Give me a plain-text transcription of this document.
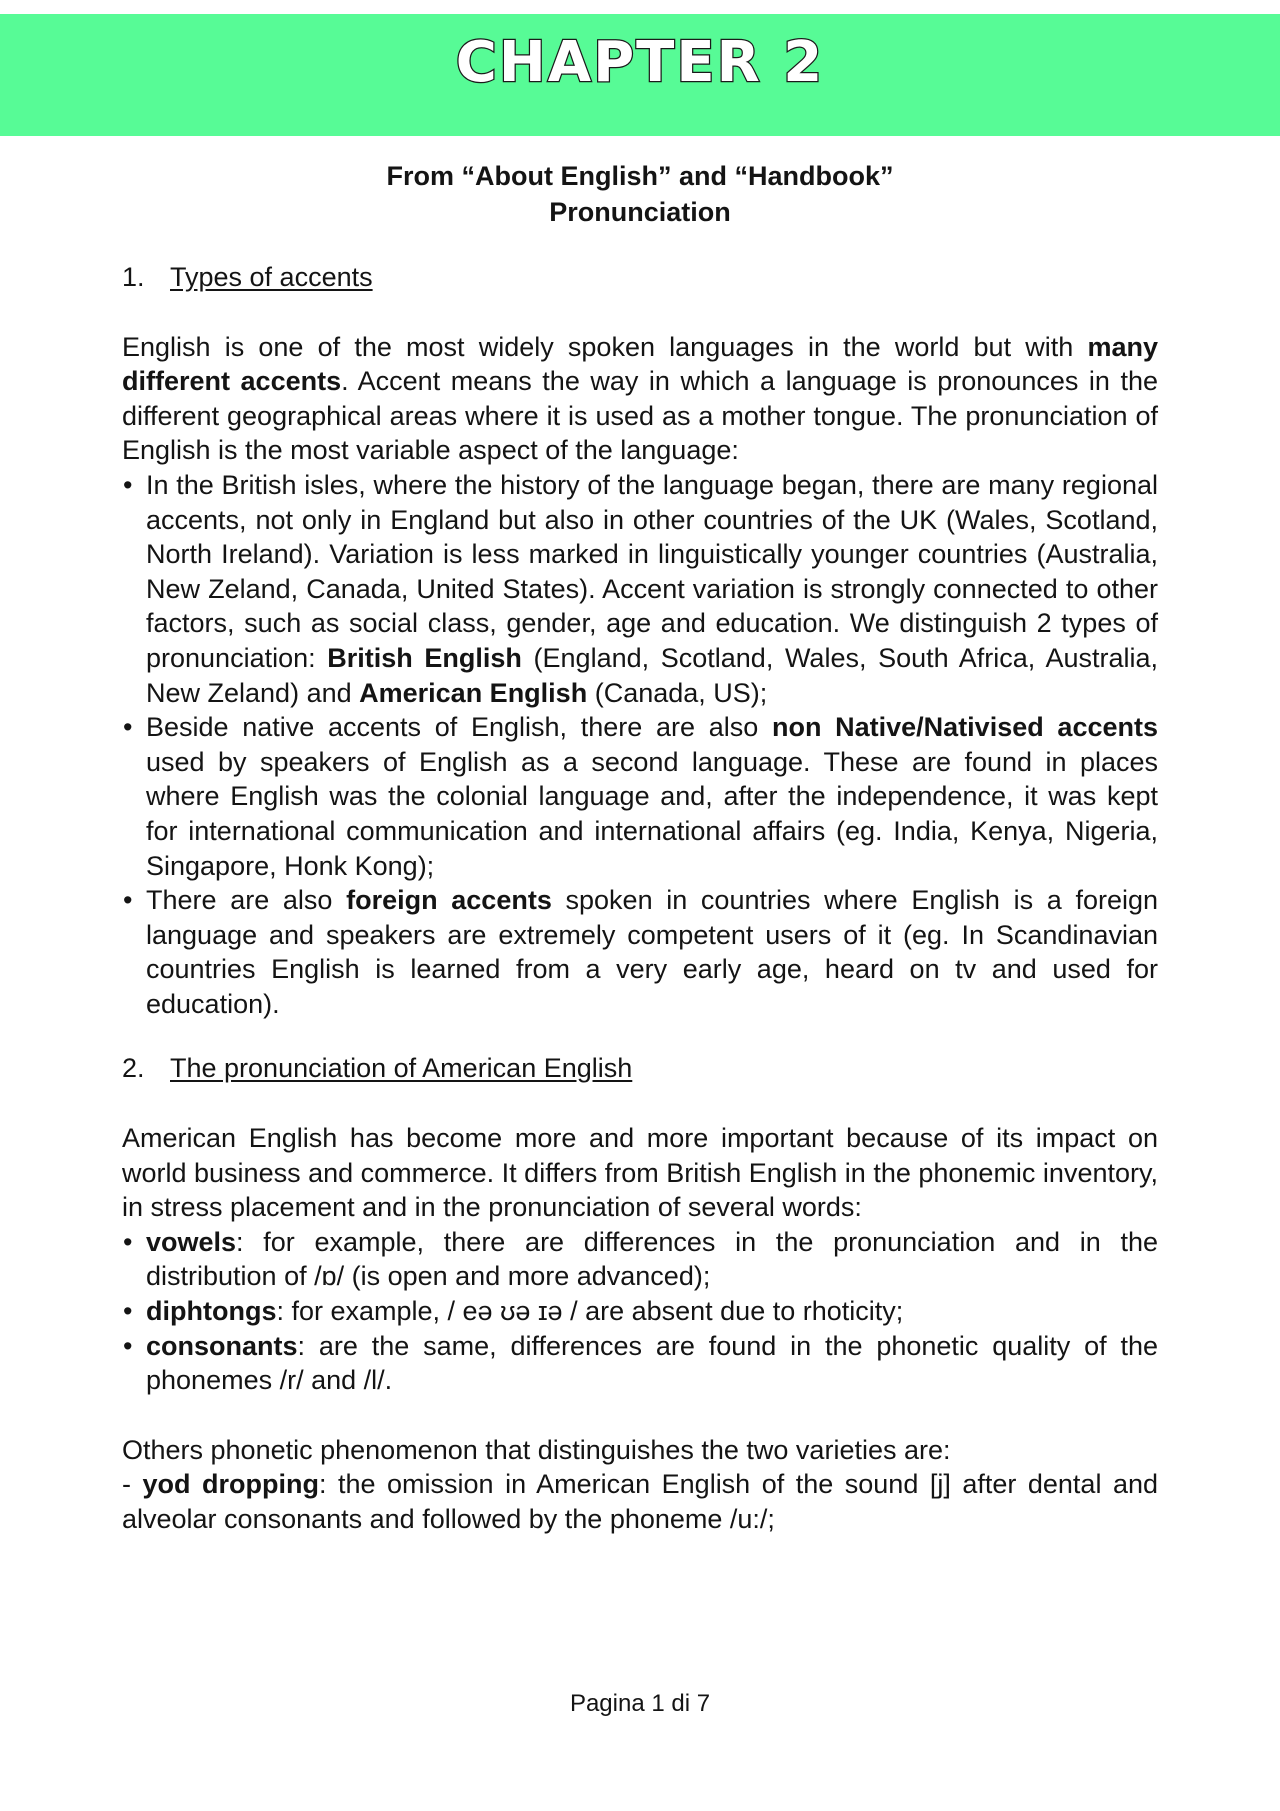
CHAPTER 2
From “About English” and “Handbook”
Pronunciation
1. Types of accents

English is one of the most widely spoken languages in the world but with many different accents. Accent means the way in which a language is pronounces in the different geographical areas where it is used as a mother tongue. The pronunciation of English is the most variable aspect of the language:

• In the British isles, where the history of the language began, there are many regional accents, not only in England but also in other countries of the UK (Wales, Scotland, North Ireland). Variation is less marked in linguistically younger countries (Australia, New Zeland, Canada, United States). Accent variation is strongly connected to other factors, such as social class, gender, age and education. We distinguish 2 types of pronunciation: British English (England, Scotland, Wales, South Africa, Australia, New Zeland) and American English (Canada, US);
• Beside native accents of English, there are also non Native/Nativised accents used by speakers of English as a second language. These are found in places where English was the colonial language and, after the independence, it was kept for international communication and international affairs (eg. India, Kenya, Nigeria, Singapore, Honk Kong);
• There are also foreign accents spoken in countries where English is a foreign language and speakers are extremely competent users of it (eg. In Scandinavian countries English is learned from a very early age, heard on tv and used for education).
2. The pronunciation of American English

American English has become more and more important because of its impact on world business and commerce. It differs from British English in the phonemic inventory, in stress placement and in the pronunciation of several words:

• vowels: for example, there are differences in the pronunciation and in the distribution of /ɒ/ (is open and more advanced);
• diphtongs: for example, / eə ʊə ɪə / are absent due to rhoticity;
• consonants: are the same, differences are found in the phonetic quality of the phonemes /r/ and /l/.

Others phonetic phenomenon that distinguishes the two varieties are:

- yod dropping: the omission in American English of the sound [j] after dental and alveolar consonants and followed by the phoneme /u:/;

Pagina 1 di 7
